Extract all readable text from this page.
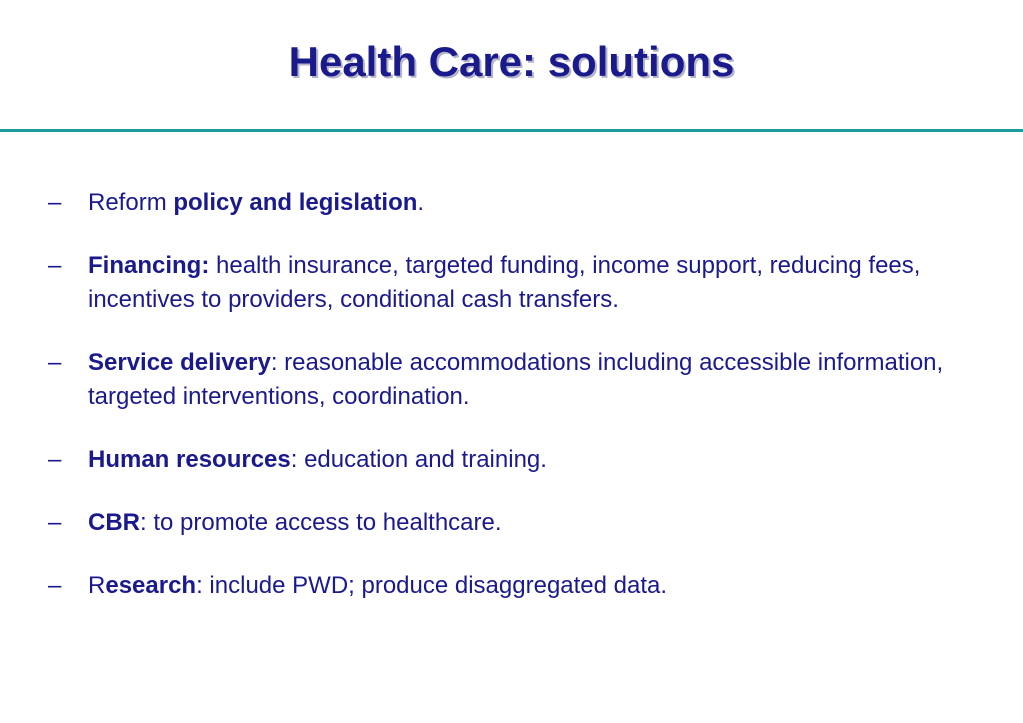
Health Care: solutions
– Reform policy and legislation.
– Financing: health insurance, targeted funding, income support, reducing fees, incentives to providers, conditional cash transfers.
– Service delivery: reasonable accommodations including accessible information, targeted interventions, coordination.
– Human resources: education and training.
– CBR: to promote access to healthcare.
– Research: include PWD; produce disaggregated data.
